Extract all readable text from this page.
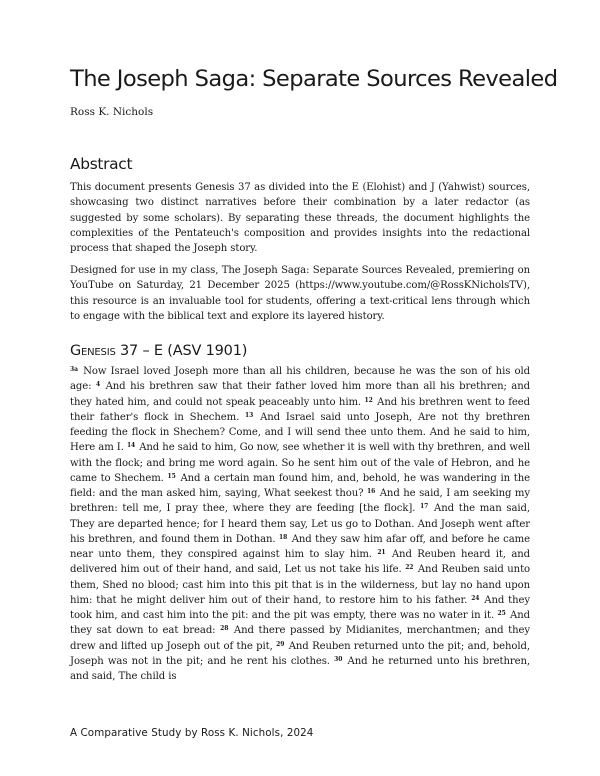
The Joseph Saga: Separate Sources Revealed
Ross K. Nichols
Abstract

This document presents Genesis 37 as divided into the E (Elohist) and J (Yahwist) sources, showcasing two distinct narratives before their combination by a later redactor (as suggested by some scholars). By separating these threads, the document highlights the complexities of the Pentateuch's composition and provides insights into the redactional process that shaped the Joseph story.

Designed for use in my class, The Joseph Saga: Separate Sources Revealed, premiering on YouTube on Saturday, 21 December 2025 (https://www.youtube.com/@RossKNicholsTV), this resource is an invaluable tool for students, offering a text-critical lens through which to engage with the biblical text and explore its layered history.

Genesis 37 – E (ASV 1901)

$^{3a}$ Now Israel loved Joseph more than all his children, because he was the son of his old age: $^4$ And his brethren saw that their father loved him more than all his brethren; and they hated him, and could not speak peaceably unto him. $^{12}$ And his brethren went to feed their father's flock in Shechem. $^{13}$ And Israel said unto Joseph, Are not thy brethren feeding the flock in Shechem? Come, and I will send thee unto them. And he said to him, Here am I. $^{14}$ And he said to him, Go now, see whether it is well with thy brethren, and well with the flock; and bring me word again. So he sent him out of the vale of Hebron, and he came to Shechem. $^{15}$ And a certain man found him, and, behold, he was wandering in the field: and the man asked him, saying, What seekest thou? $^{16}$ And he said, I am seeking my brethren: tell me, I pray thee, where they are feeding [the flock]. $^{17}$ And the man said, They are departed hence; for I heard them say, Let us go to Dothan. And Joseph went after his brethren, and found them in Dothan. $^{18}$ And they saw him afar off, and before he came near unto them, they conspired against him to slay him. $^{21}$ And Reuben heard it, and delivered him out of their hand, and said, Let us not take his life. $^{22}$ And Reuben said unto them, Shed no blood; cast him into this pit that is in the wilderness, but lay no hand upon him: that he might deliver him out of their hand, to restore him to his father. $^{24}$ And they took him, and cast him into the pit: and the pit was empty, there was no water in it. $^{25}$ And they sat down to eat bread: $^{28}$ And there passed by Midianites, merchantmen; and they drew and lifted up Joseph out of the pit, $^{29}$ And Reuben returned unto the pit; and, behold, Joseph was not in the pit; and he rent his clothes. $^{30}$ And he returned unto his brethren, and said, The child is

A Comparative Study by Ross K. Nichols, 2024
